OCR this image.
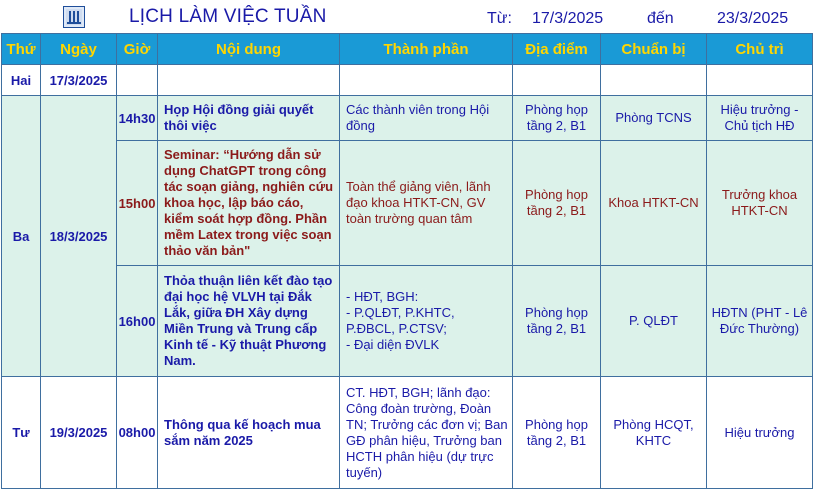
LỊCH LÀM VIỆC TUẦN	Từ: 17/3/2025	đến	23/3/2025
Thứ	Ngày	Giờ	Nội dung	Thành phần	Địa điểm	Chuẩn bị	Chủ trì
Hai	17/3/2025						
Ba	18/3/2025	14h30	Họp Hội đồng giải quyết thôi việc	Các thành viên trong Hội đồng	Phòng họp tầng 2, B1	Phòng TCNS	Hiệu trưởng - Chủ tịch HĐ
		15h00	Seminar: “Hướng dẫn sử dụng ChatGPT trong công tác soạn giảng, nghiên cứu khoa học, lập báo cáo, kiểm soát hợp đồng. Phần mềm Latex trong việc soạn thảo văn bản"	Toàn thể giảng viên, lãnh đạo khoa HTKT-CN, GV toàn trường quan tâm	Phòng họp tầng 2, B1	Khoa HTKT-CN	Trưởng khoa HTKT-CN
		16h00	Thỏa thuận liên kết đào tạo đại học hệ VLVH tại Đắk Lắk, giữa ĐH Xây dựng Miền Trung và Trung cấp Kinh tế - Kỹ thuật Phương Nam.	- HĐT, BGH:
- P.QLĐT, P.KHTC,
P.ĐBCL, P.CTSV;
- Đại diện ĐVLK	Phòng họp tầng 2, B1	P. QLĐT	HĐTN (PHT - Lê Đức Thường)
Tư	19/3/2025	08h00	Thông qua kế hoạch mua sắm năm 2025	CT. HĐT, BGH; lãnh đạo: Công đoàn trường, Đoàn TN; Trưởng các đơn vị; Ban GĐ phân hiệu, Trưởng ban HCTH phân hiệu (dự trực tuyến)	Phòng họp tầng 2, B1	Phòng HCQT, KHTC	Hiệu trưởng
